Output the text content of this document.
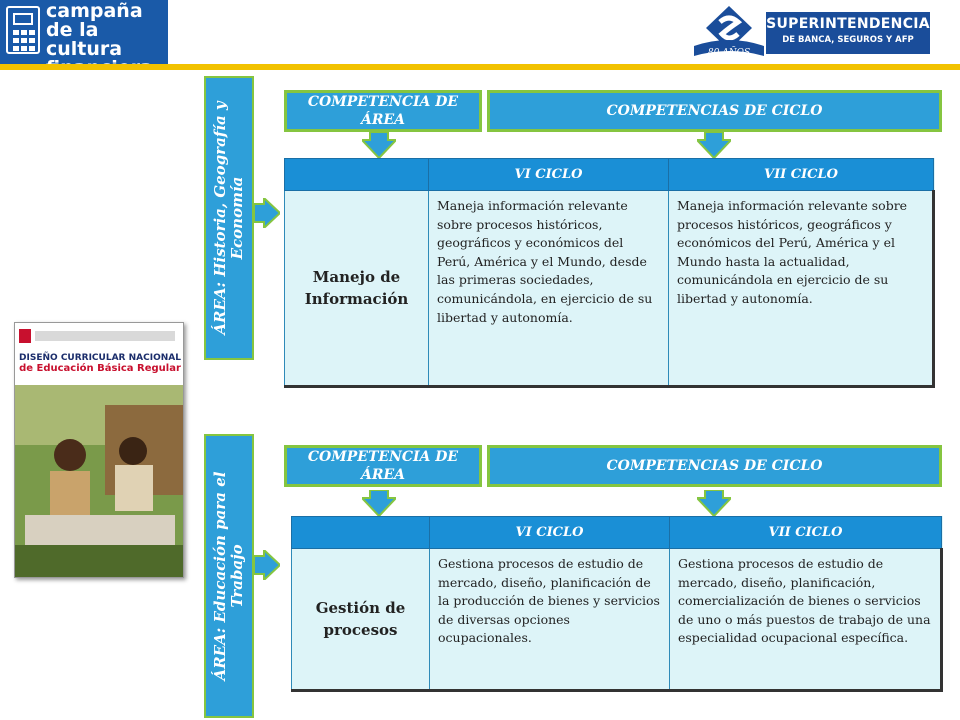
campaña
de la cultura	80 AÑOS
SUPERINTENDENCIA
DE BANCA, SEGUROS Y AFP
DISEÑO CURRICULAR NACIONAL
de Educación Básica Regular
ÁREA: Historia, Geografía y Economía
COMPETENCIA DE ÁREA
COMPETENCIAS DE CICLO
	VI CICLO	VII CICLO
Manejo de Información	Maneja información relevante sobre procesos históricos, geográficos y económicos del Perú, América y el Mundo, desde las primeras sociedades, comunicándola, en ejercicio de su libertad y autonomía.	Maneja información relevante sobre procesos históricos, geográficos y económicos del Perú, América y el Mundo hasta la actualidad, comunicándola en ejercicio de su libertad y autonomía.
ÁREA: Educación para el Trabajo
COMPETENCIA DE ÁREA
COMPETENCIAS DE CICLO
	VI CICLO	VII CICLO
Gestión de procesos	Gestiona procesos de estudio de mercado, diseño, planificación de la producción de bienes y servicios de diversas opciones ocupacionales.	Gestiona procesos de estudio de mercado, diseño, planificación, comercialización de bienes o servicios de uno o más puestos de trabajo de una especialidad ocupacional específica.
